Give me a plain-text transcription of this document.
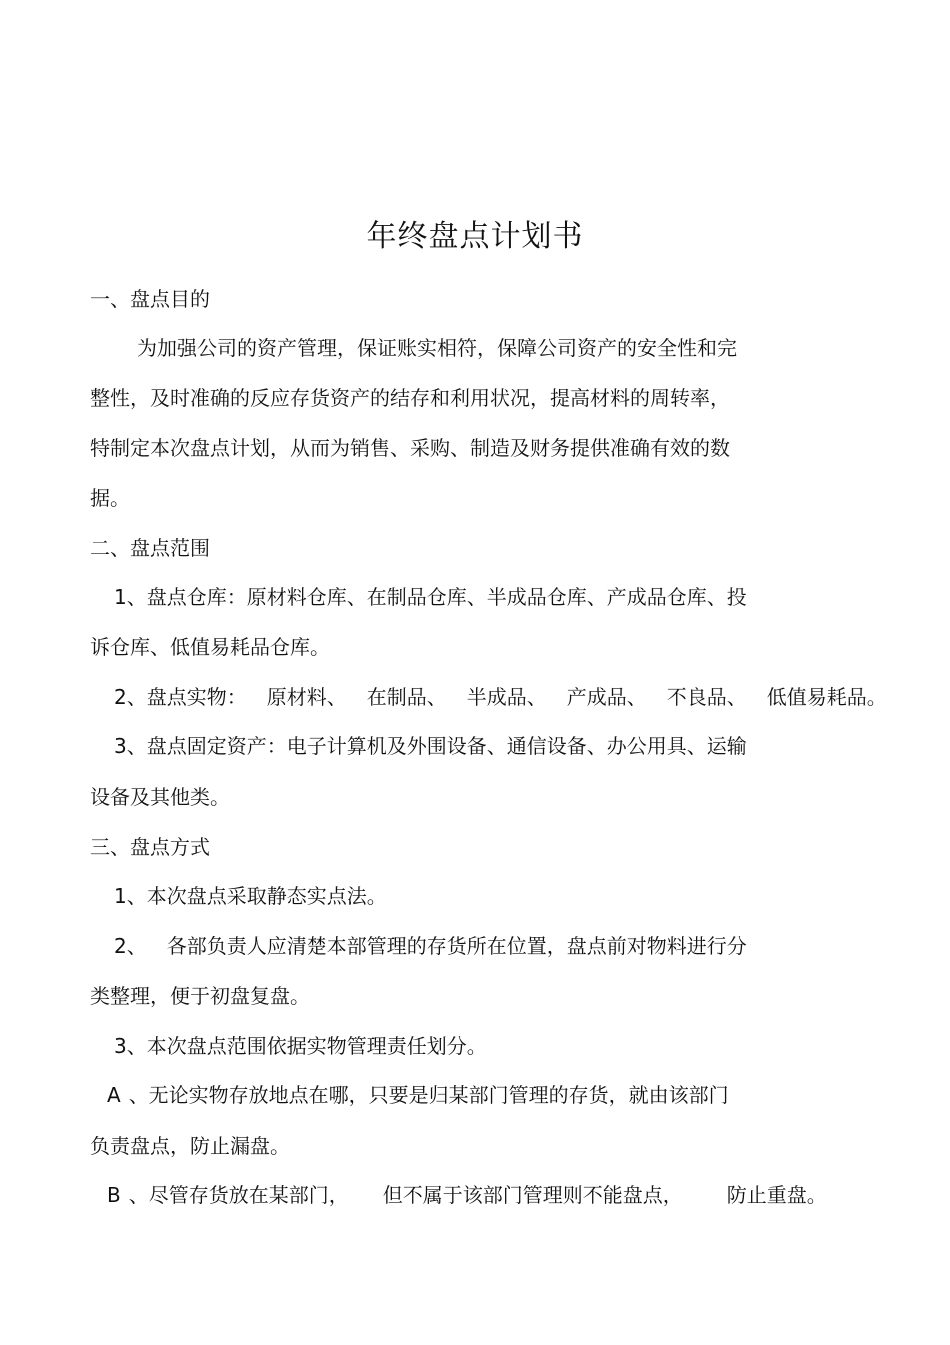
年终盘点计划书
一、盘点目的
为加强公司的资产管理，保证账实相符，保障公司资产的安全性和完
整性，及时准确的反应存货资产的结存和利用状况，提高材料的周转率，
特制定本次盘点计划，从而为销售、采购、制造及财务提供准确有效的数
据。
二、盘点范围
1、盘点仓库：原材料仓库、在制品仓库、半成品仓库、产成品仓库、投
诉仓库、低值易耗品仓库。
2、盘点实物： 原材料、 在制品、 半成品、 产成品、 不良品、 低值易耗品。
3、盘点固定资产：电子计算机及外围设备、通信设备、办公用具、运输
设备及其他类。
三、盘点方式
1、本次盘点采取静态实点法。
2、 各部负责人应清楚本部管理的存货所在位置，盘点前对物料进行分
类整理，便于初盘复盘。
3、本次盘点范围依据实物管理责任划分。
A 、无论实物存放地点在哪，只要是归某部门管理的存货，就由该部门
负责盘点，防止漏盘。
B 、尽管存货放在某部门， 但不属于该部门管理则不能盘点， 防止重盘。
